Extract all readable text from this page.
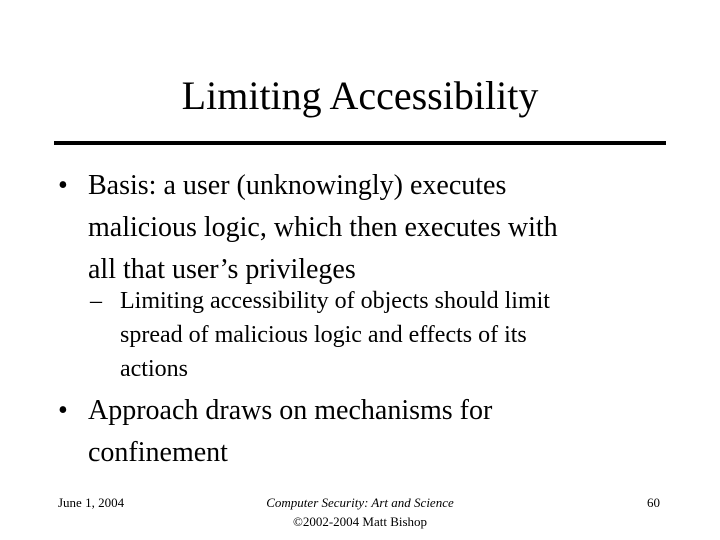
Limiting Accessibility
• Basis: a user (unknowingly) executes
malicious logic, which then executes with
all that user’s privileges
– Limiting accessibility of objects should limit
spread of malicious logic and effects of its
actions
• Approach draws on mechanisms for
confinement
June 1, 2004	Computer Security: Art and Science
©2002-2004 Matt Bishop
60
